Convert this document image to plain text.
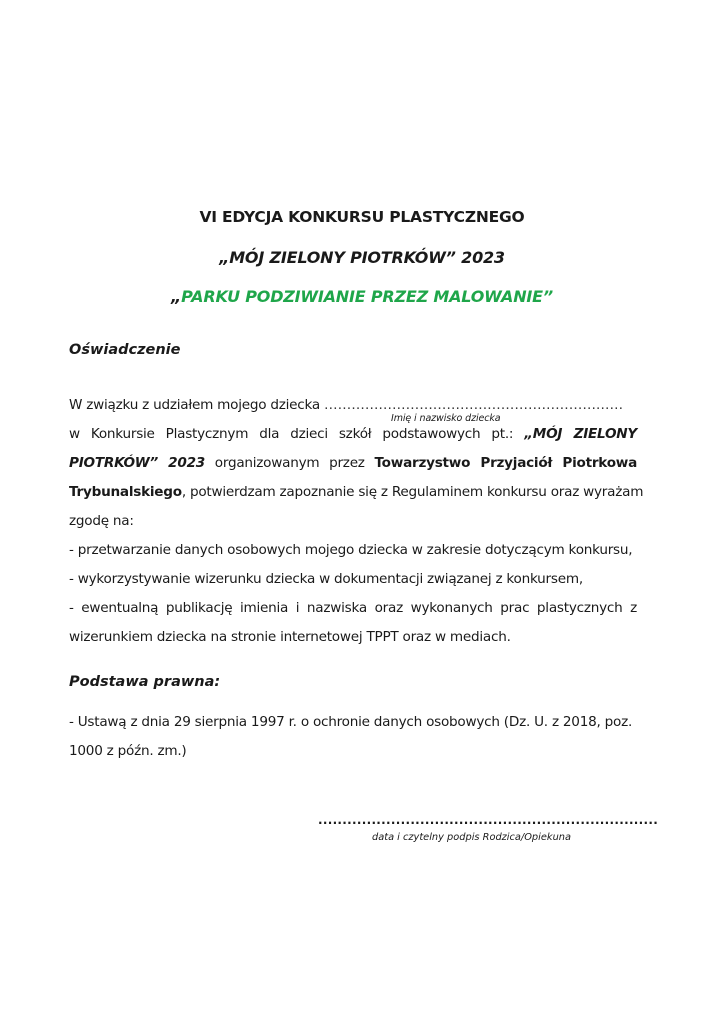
VI EDYCJA KONKURSU PLASTYCZNEGO
„MÓJ ZIELONY PIOTRKÓW” 2023
„PARKU PODZIWIANIE PRZEZ MALOWANIE”
Oświadczenie
W związku z udziałem mojego dziecka …………………………………………………………
w Konkursie Plastycznym dla dzieci szkół podstawowych pt.: „MÓJ ZIELONY
PIOTRKÓW” 2023 organizowanym przez Towarzystwo Przyjaciół Piotrkowa
Trybunalskiego, potwierdzam zapoznanie się z Regulaminem konkursu oraz wyrażam
zgodę na:
- przetwarzanie danych osobowych mojego dziecka w zakresie dotyczącym konkursu,
- wykorzystywanie wizerunku dziecka w dokumentacji związanej z konkursem,
- ewentualną publikację imienia i nazwiska oraz wykonanych prac plastycznych z
wizerunkiem dziecka na stronie internetowej TPPT oraz w mediach.
Imię i nazwisko dziecka
Podstawa prawna:
- Ustawą z dnia 29 sierpnia 1997 r. o ochronie danych osobowych (Dz. U. z 2018, poz.
1000 z późn. zm.)
......................................................................
data i czytelny podpis Rodzica/Opiekuna
